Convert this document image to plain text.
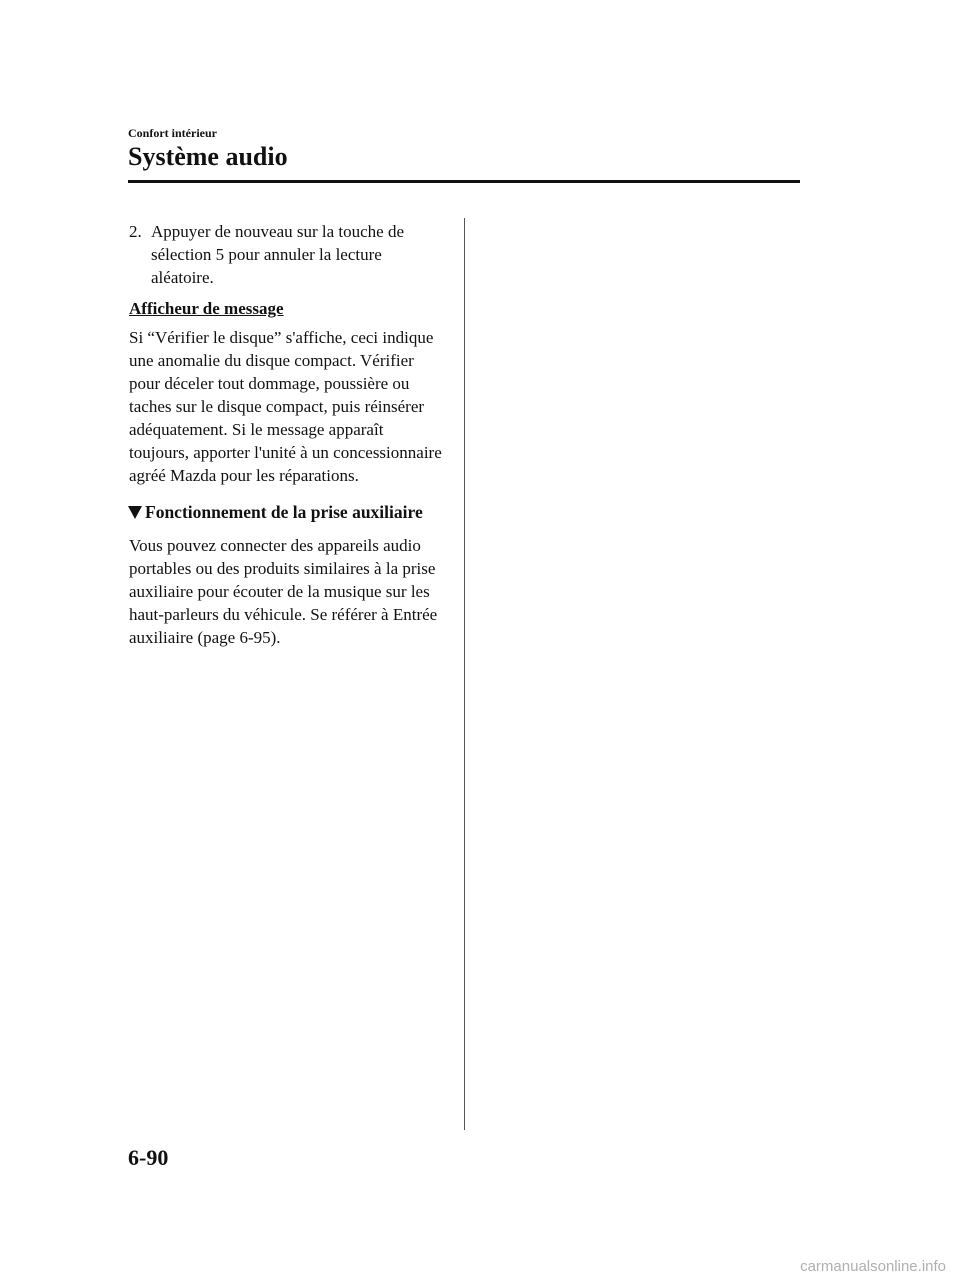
Confort intérieur
Système audio
2. Appuyer de nouveau sur la touche de sélection 5 pour annuler la lecture aléatoire.
Afficheur de message

Si “Vérifier le disque” s'affiche, ceci indique une anomalie du disque compact. Vérifier pour déceler tout dommage, poussière ou taches sur le disque compact, puis réinsérer adéquatement. Si le message apparaît toujours, apporter l'unité à un concessionnaire agréé Mazda pour les réparations.

Fonctionnement de la prise auxiliaire

Vous pouvez connecter des appareils audio portables ou des produits similaires à la prise auxiliaire pour écouter de la musique sur les haut-parleurs du véhicule. Se référer à Entrée auxiliaire (page 6-95).

6-90
carmanualsonline.info
